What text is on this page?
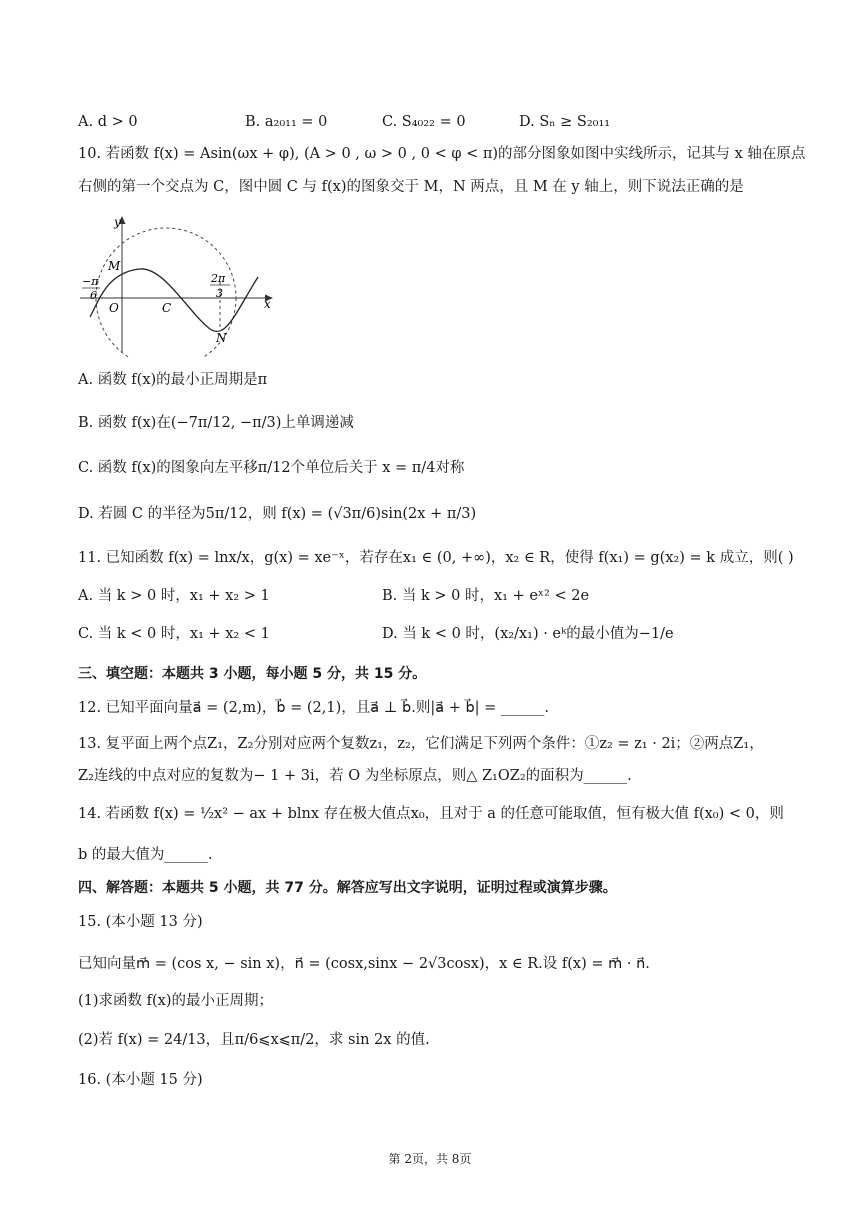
A. d > 0	B. a₂₀₁₁ = 0	C. S₄₀₂₂ = 0	D. Sₙ ≥ S₂₀₁₁
10. 若函数 f(x) = Asin(ωx + φ), (A > 0 , ω > 0 , 0 < φ < π)的部分图象如图中实线所示，记其与 x 轴在原点
右侧的第一个交点为 C，图中圆 C 与 f(x)的图象交于 M，N 两点，且 M 在 y 轴上，则下说法正确的是
y
x
M
O	C
N
−π
6
2π
3
A. 函数 f(x)的最小正周期是π
B. 函数 f(x)在(−7π/12, −π/3)上单调递减
C. 函数 f(x)的图象向左平移π/12个单位后关于 x = π/4对称
D. 若圆 C 的半径为5π/12，则 f(x) = (√3π/6)sin(2x + π/3)
11. 已知函数 f(x) = lnx/x，g(x) = xe⁻ˣ，若存在x₁ ∈ (0, +∞)，x₂ ∈ R，使得 f(x₁) = g(x₂) = k 成立，则( )
A. 当 k > 0 时，x₁ + x₂ > 1	B. 当 k > 0 时，x₁ + eˣ² < 2e
C. 当 k < 0 时，x₁ + x₂ < 1	D. 当 k < 0 时，(x₂/x₁) · eᵏ的最小值为−1/e
三、填空题：本题共 3 小题，每小题 5 分，共 15 分。
12. 已知平面向量a⃗ = (2,m)，b⃗ = (2,1)，且a⃗ ⊥ b⃗.则|a⃗ + b⃗| = ______.
13. 复平面上两个点Z₁，Z₂分别对应两个复数z₁，z₂，它们满足下列两个条件：①z₂ = z₁ · 2i；②两点Z₁，
Z₂连线的中点对应的复数为− 1 + 3i，若 O 为坐标原点，则△ Z₁OZ₂的面积为______.
14. 若函数 f(x) = ½x² − ax + blnx 存在极大值点x₀，且对于 a 的任意可能取值，恒有极大值 f(x₀) < 0，则
b 的最大值为______.
四、解答题：本题共 5 小题，共 77 分。解答应写出文字说明，证明过程或演算步骤。
15. (本小题 13 分)
已知向量m⃗ = (cos x, − sin x)，n⃗ = (cosx,sinx − 2√3cosx)，x ∈ R.设 f(x) = m⃗ · n⃗.
(1)求函数 f(x)的最小正周期；
(2)若 f(x) = 24/13，且π/6⩽x⩽π/2，求 sin 2x 的值.
16. (本小题 15 分)
第 2页，共 8页
